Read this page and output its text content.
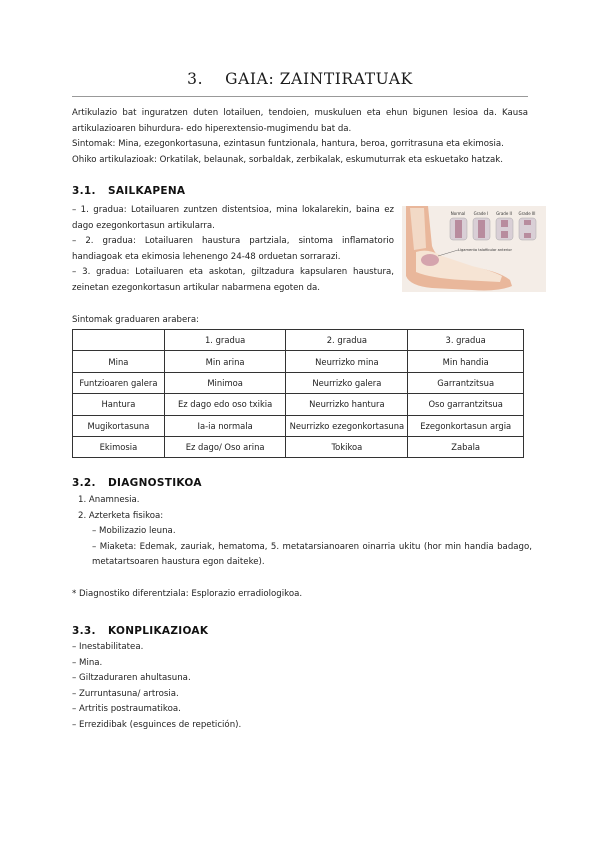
3. GAIA: ZAINTIRATUAK

Artikulazio bat inguratzen duten lotailuen, tendoien, muskuluen eta ehun bigunen lesioa da. Kausa artikulazioaren bihurdura- edo hiperextensio-mugimendu bat da.

Sintomak: Mina, ezegonkortasuna, ezintasun funtzionala, hantura, beroa, gorritrasuna eta ekimosia.

Ohiko artikulazioak: Orkatilak, belaunak, sorbaldak, zerbikalak, eskumuturrak eta eskuetako hatzak.

3.1. SAILKAPENA

– 1. gradua: Lotailuaren zuntzen distentsioa, mina lokalarekin, baina ez dago ezegonkortasun artikularra.

– 2. gradua: Lotailuaren haustura partziala, sintoma inflamatorio handiagoak eta ekimosia lehenengo 24-48 orduetan sorrarazi.

– 3. gradua: Lotailuaren eta askotan, giltzadura kapsularen haustura, zeinetan ezegonkortasun artikular nabarmena egoten da.

Normal Grade I Grade II Grade III
Ligamento talofibular anterior
Sintomak graduaren arabera:
	1. gradua	2. gradua	3. gradua
Mina	Min arina	Neurrizko mina	Min handia
Funtzioaren galera	Minimoa	Neurrizko galera	Garrantzitsua
Hantura	Ez dago edo oso txikia	Neurrizko hantura	Oso garrantzitsua
Mugikortasuna	Ia-ia normala	Neurrizko ezegonkortasuna	Ezegonkortasun argia
Ekimosia	Ez dago/ Oso arina	Tokikoa	Zabala
3.2. DIAGNOSTIKOA

1. Anamnesia.

2. Azterketa fisikoa:

– Mobilizazio leuna.

– Miaketa: Edemak, zauriak, hematoma, 5. metatarsianoaren oinarria ukitu (hor min handia badago, metatartsoaren haustura egon daiteke).

* Diagnostiko diferentziala: Esplorazio erradiologikoa.
3.3. KONPLIKAZIOAK

– Inestabilitatea.

– Mina.

– Giltzaduraren ahultasuna.

– Zurruntasuna/ artrosia.

– Artritis postraumatikoa.

– Errezidibak (esguinces de repetición).
